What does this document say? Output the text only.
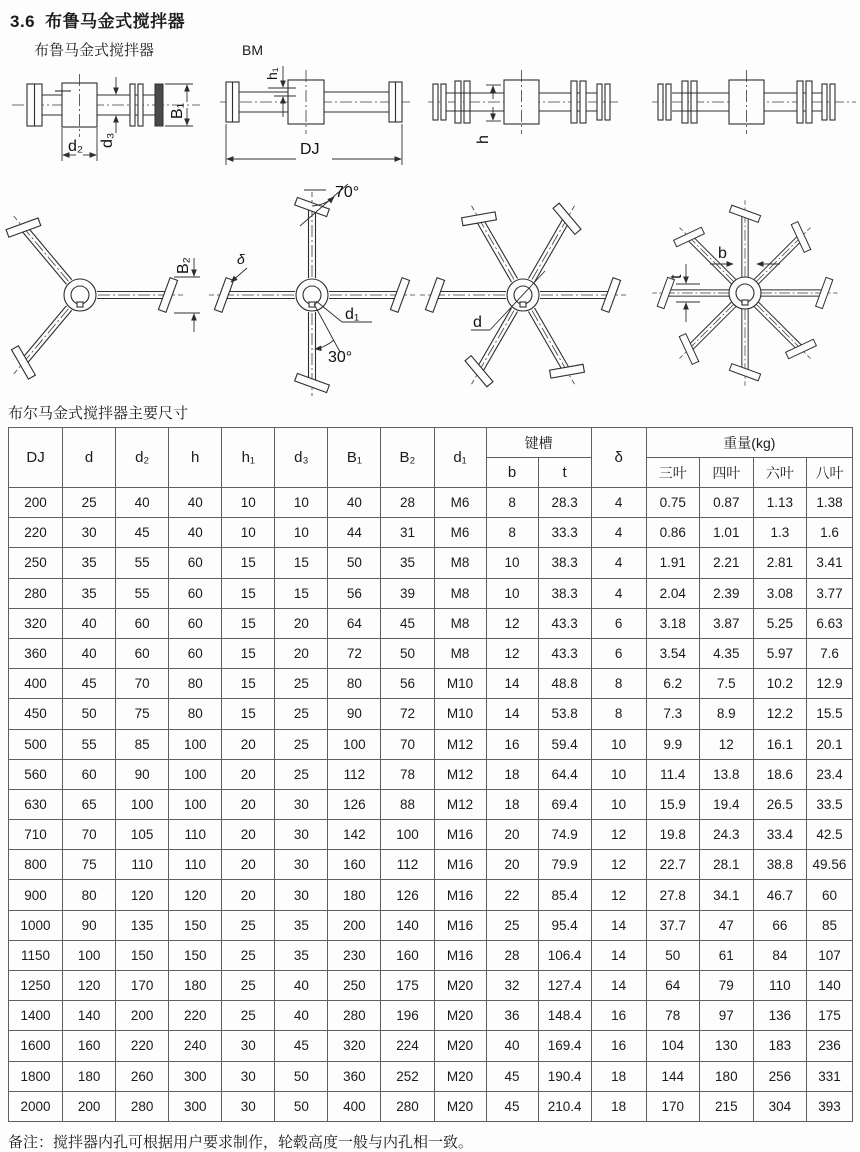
3.6 布鲁马金式搅拌器
布鲁马金式搅拌器	BM
B₁
d₂ d₃
h₁
DJ
h
B₂
70°
δ
d₁
30°
d
b
t
布尔马金式搅拌器主要尺寸
DJ	d	d₂	h	h₁	d₃	B₁	B₂	d₁	键槽		δ	重量(kg)			
									b	t		三叶	四叶	六叶	八叶
200	25	40	40	10	10	40	28	M6	8	28.3	4	0.75	0.87	1.13	1.38
220	30	45	40	10	10	44	31	M6	8	33.3	4	0.86	1.01	1.3	1.6
250	35	55	60	15	15	50	35	M8	10	38.3	4	1.91	2.21	2.81	3.41
280	35	55	60	15	15	56	39	M8	10	38.3	4	2.04	2.39	3.08	3.77
320	40	60	60	15	20	64	45	M8	12	43.3	6	3.18	3.87	5.25	6.63
360	40	60	60	15	20	72	50	M8	12	43.3	6	3.54	4.35	5.97	7.6
400	45	70	80	15	25	80	56	M10	14	48.8	8	6.2	7.5	10.2	12.9
450	50	75	80	15	25	90	72	M10	14	53.8	8	7.3	8.9	12.2	15.5
500	55	85	100	20	25	100	70	M12	16	59.4	10	9.9	12	16.1	20.1
560	60	90	100	20	25	112	78	M12	18	64.4	10	11.4	13.8	18.6	23.4
630	65	100	100	20	30	126	88	M12	18	69.4	10	15.9	19.4	26.5	33.5
710	70	105	110	20	30	142	100	M16	20	74.9	12	19.8	24.3	33.4	42.5
800	75	110	110	20	30	160	112	M16	20	79.9	12	22.7	28.1	38.8	49.56
900	80	120	120	20	30	180	126	M16	22	85.4	12	27.8	34.1	46.7	60
1000	90	135	150	25	35	200	140	M16	25	95.4	14	37.7	47	66	85
1150	100	150	150	25	35	230	160	M16	28	106.4	14	50	61	84	107
1250	120	170	180	25	40	250	175	M20	32	127.4	14	64	79	110	140
1400	140	200	220	25	40	280	196	M20	36	148.4	16	78	97	136	175
1600	160	220	240	30	45	320	224	M20	40	169.4	16	104	130	183	236
1800	180	260	300	30	50	360	252	M20	45	190.4	18	144	180	256	331
2000	200	280	300	30	50	400	280	M20	45	210.4	18	170	215	304	393
备注：搅拌器内孔可根据用户要求制作，轮毂高度一般与内孔相一致。
